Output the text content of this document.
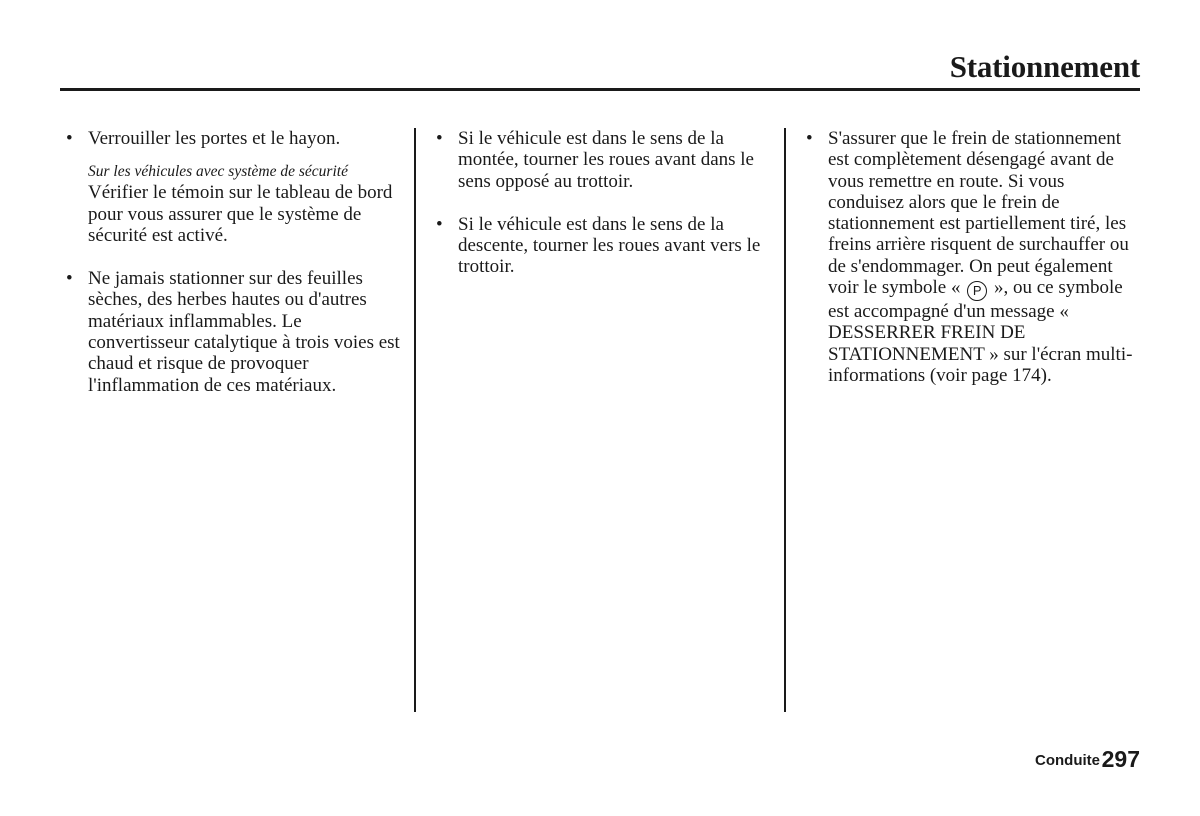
Stationnement
• Verrouiller les portes et le hayon.
Sur les véhicules avec système de sécurité
Vérifier le témoin sur le tableau de bord pour vous assurer que le système de sécurité est activé.
• Ne jamais stationner sur des feuilles sèches, des herbes hautes ou d'autres matériaux inflammables. Le convertisseur catalytique à trois voies est chaud et risque de provoquer l'inflammation de ces matériaux.
• Si le véhicule est dans le sens de la montée, tourner les roues avant dans le sens opposé au trottoir.
• Si le véhicule est dans le sens de la descente, tourner les roues avant vers le trottoir.
• S'assurer que le frein de stationnement est complètement désengagé avant de vous remettre en route. Si vous conduisez alors que le frein de stationnement est partiellement tiré, les freins arrière risquent de surchauffer ou de s'endommager. On peut également voir le symbole « P », ou ce symbole est accompagné d'un message « DESSERRER FREIN DE STATIONNEMENT » sur l'écran multi-informations (voir page 174).
Conduite 297
